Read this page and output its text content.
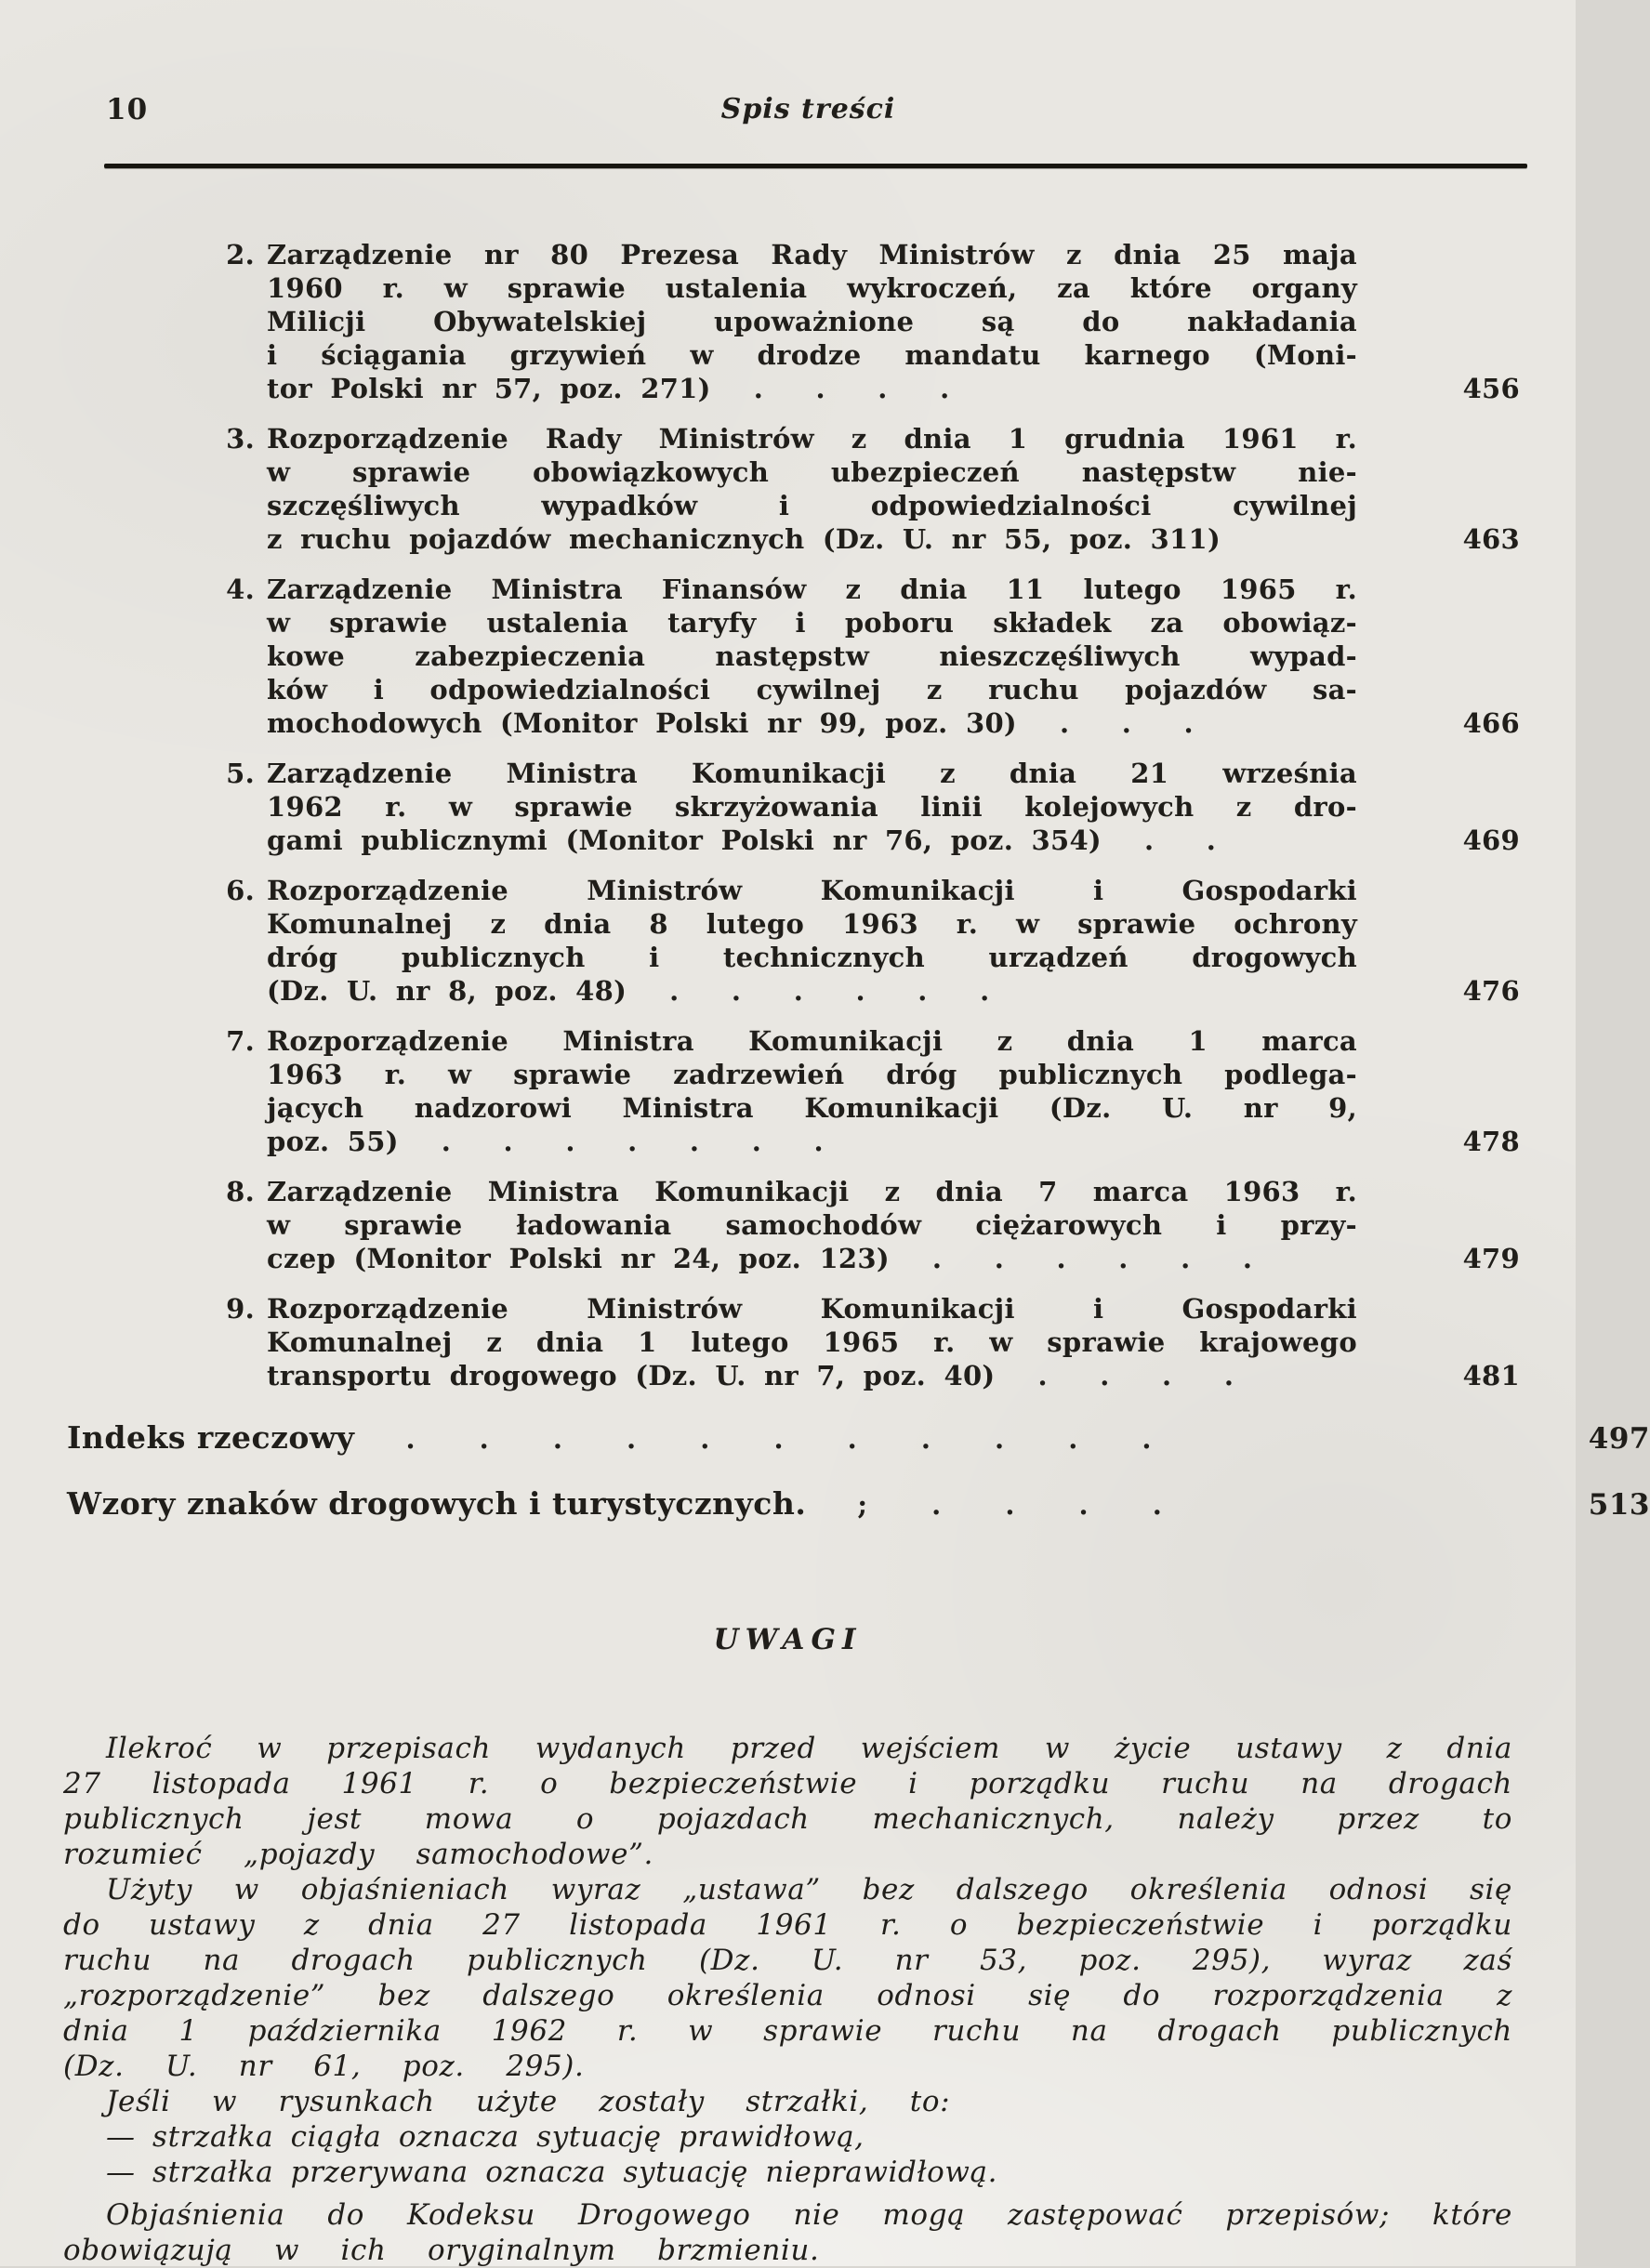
10	Spis treści
2. Zarządzenie nr 80 Prezesa Rady Ministrów z dnia 25 maja
1960 r. w sprawie ustalenia wykroczeń, za które organy
Milicji Obywatelskiej upoważnione są do nakładania
i ściągania grzywień w drodze mandatu karnego (Moni-
tor Polski nr 57, poz. 271) . . . .	456
3. Rozporządzenie Rady Ministrów z dnia 1 grudnia 1961 r.
w sprawie obowiązkowych ubezpieczeń następstw nie-
szczęśliwych wypadków i odpowiedzialności cywilnej
z ruchu pojazdów mechanicznych (Dz. U. nr 55, poz. 311)	463
4. Zarządzenie Ministra Finansów z dnia 11 lutego 1965 r.
w sprawie ustalenia taryfy i poboru składek za obowiąz-
kowe zabezpieczenia następstw nieszczęśliwych wypad-
ków i odpowiedzialności cywilnej z ruchu pojazdów sa-
mochodowych (Monitor Polski nr 99, poz. 30) . . .	466
5. Zarządzenie Ministra Komunikacji z dnia 21 września
1962 r. w sprawie skrzyżowania linii kolejowych z dro-
gami publicznymi (Monitor Polski nr 76, poz. 354) . .	469
6. Rozporządzenie Ministrów Komunikacji i Gospodarki
Komunalnej z dnia 8 lutego 1963 r. w sprawie ochrony
dróg publicznych i technicznych urządzeń drogowych
(Dz. U. nr 8, poz. 48) . . . . . .	476
7. Rozporządzenie Ministra Komunikacji z dnia 1 marca
1963 r. w sprawie zadrzewień dróg publicznych podlega-
jących nadzorowi Ministra Komunikacji (Dz. U. nr 9,
poz. 55) . . . . . . .	478
8. Zarządzenie Ministra Komunikacji z dnia 7 marca 1963 r.
w sprawie ładowania samochodów ciężarowych i przy-
czep (Monitor Polski nr 24, poz. 123) . . . . . .	479
9. Rozporządzenie Ministrów Komunikacji i Gospodarki
Komunalnej z dnia 1 lutego 1965 r. w sprawie krajowego
transportu drogowego (Dz. U. nr 7, poz. 40) . . . .	481
Indeks rzeczowy . . . . . . . . . . .	497
Wzory znaków drogowych i turystycznych. ; . . . .	513
UWAGI

Ilekroć w przepisach wydanych przed wejściem w życie ustawy z dnia 27 listopada 1961 r. o bezpieczeństwie i porządku ruchu na drogach publicznych jest mowa o pojazdach mechanicznych, należy przez to rozumieć „pojazdy samochodowe”.

Użyty w objaśnieniach wyraz „ustawa” bez dalszego określenia odnosi się do ustawy z dnia 27 listopada 1961 r. o bezpieczeństwie i porządku ruchu na drogach publicznych (Dz. U. nr 53, poz. 295), wyraz zaś „rozporządzenie” bez dalszego określenia odnosi się do rozporządzenia z dnia 1 października 1962 r. w sprawie ruchu na drogach publicznych (Dz. U. nr 61, poz. 295).

Jeśli w rysunkach użyte zostały strzałki, to:

— strzałka ciągła oznacza sytuację prawidłową,

— strzałka przerywana oznacza sytuację nieprawidłową.

Objaśnienia do Kodeksu Drogowego nie mogą zastępować przepisów; które obowiązują w ich oryginalnym brzmieniu.
